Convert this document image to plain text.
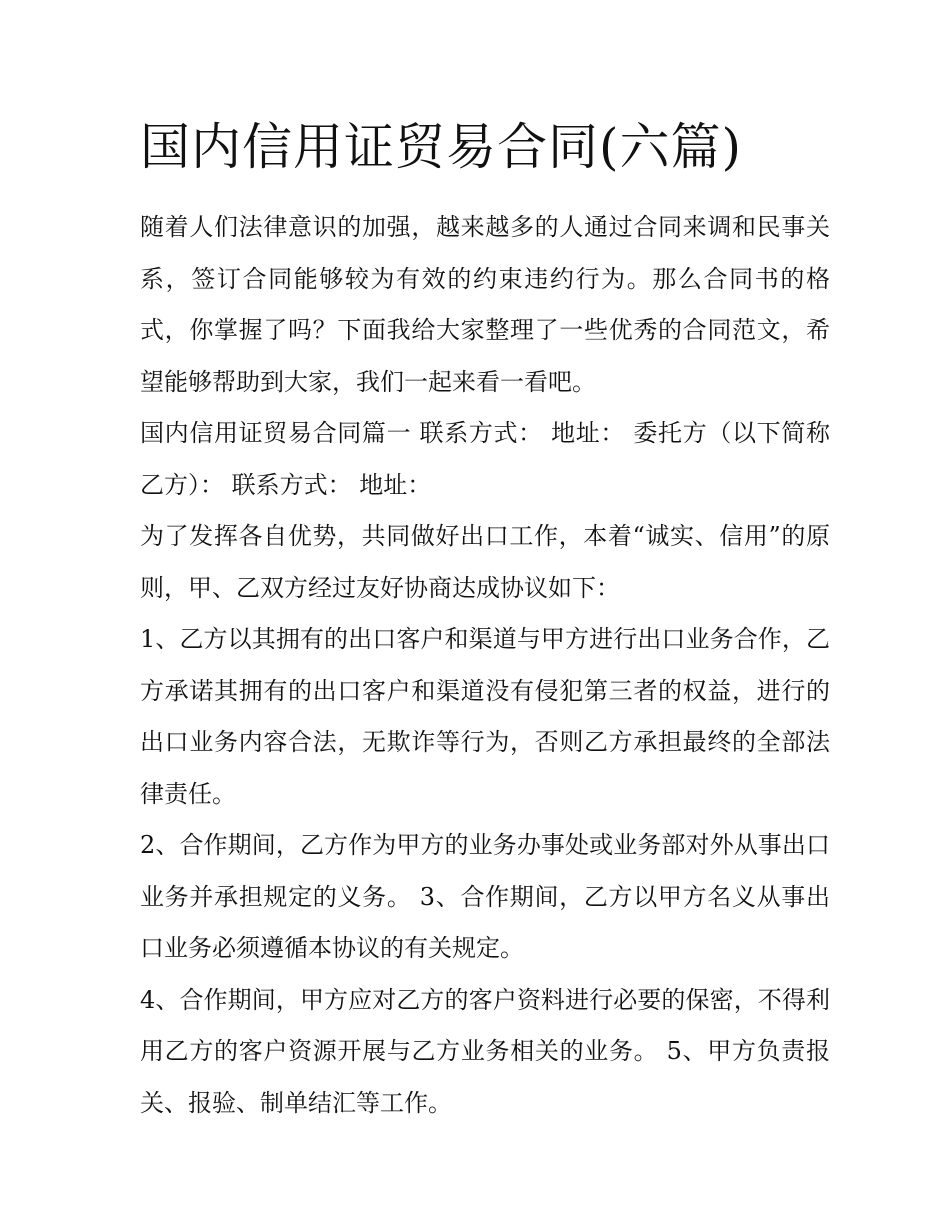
国内信用证贸易合同(六篇)

随着人们法律意识的加强，越来越多的人通过合同来调和民事关系，签订合同能够较为有效的约束违约行为。那么合同书的格式，你掌握了吗？下面我给大家整理了一些优秀的合同范文，希望能够帮助到大家，我们一起来看一看吧。

国内信用证贸易合同篇一 联系方式： 地址： 委托方（以下简称乙方）： 联系方式： 地址：

为了发挥各自优势，共同做好出口工作，本着“诚实、信用”的原则，甲、乙双方经过友好协商达成协议如下：

1、乙方以其拥有的出口客户和渠道与甲方进行出口业务合作，乙方承诺其拥有的出口客户和渠道没有侵犯第三者的权益，进行的出口业务内容合法，无欺诈等行为，否则乙方承担最终的全部法律责任。

2、合作期间，乙方作为甲方的业务办事处或业务部对外从事出口业务并承担规定的义务。 3、合作期间，乙方以甲方名义从事出口业务必须遵循本协议的有关规定。

4、合作期间，甲方应对乙方的客户资料进行必要的保密，不得利用乙方的客户资源开展与乙方业务相关的业务。 5、甲方负责报关、报验、制单结汇等工作。
